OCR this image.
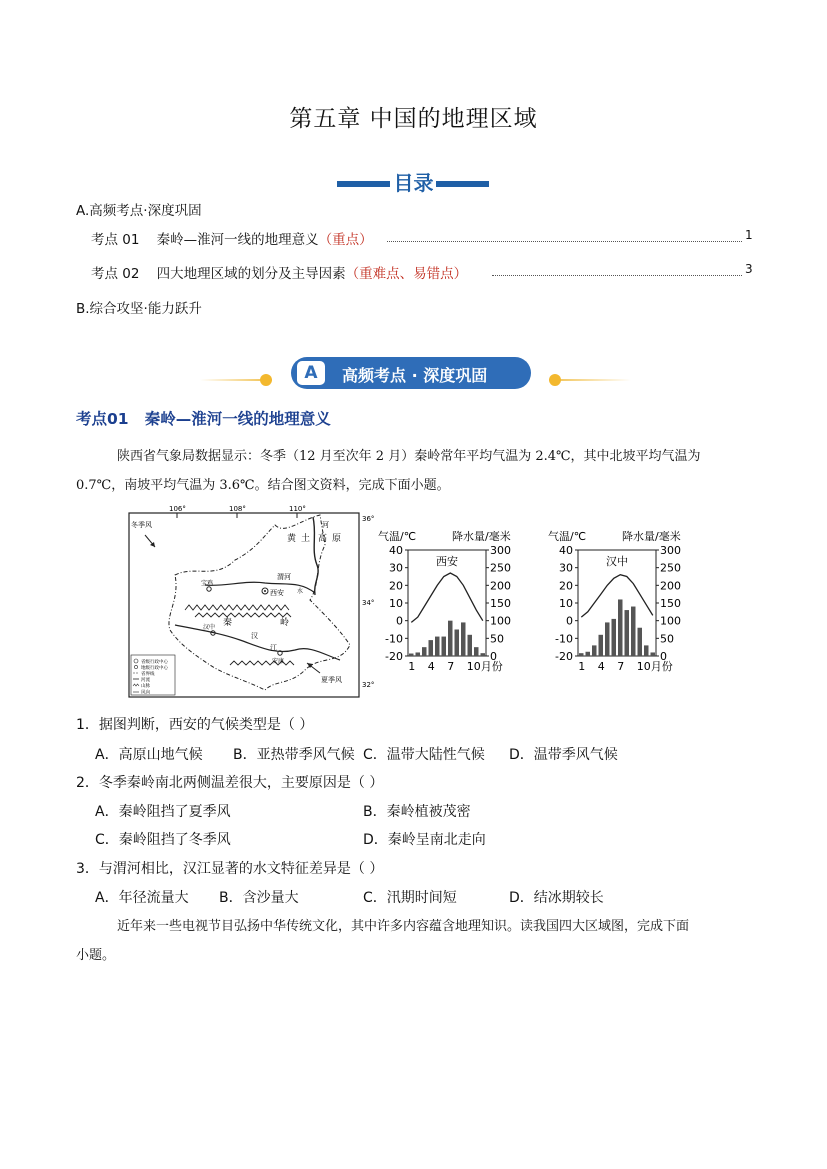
第五章 中国的地理区域
目录
A.高频考点·深度巩固
考点 01 秦岭—淮河一线的地理意义（重点）	1
考点 02 四大地理区域的划分及主导因素（重难点、易错点）	3
B.综合攻坚·能力跃升
A	高频考点 · 深度巩固
考点01 秦岭—淮河一线的地理意义
陕西省气象局数据显示：冬季（12 月至次年 2 月）秦岭常年平均气温为 2.4℃，其中北坡平均气温为
0.7℃，南坡平均气温为 3.6℃。结合图文资料，完成下面小题。
106°	108°	110°
36°
34°
32°
冬季风
黄 土 高 原
河
渭河
西安
宝鸡
秦	岭
汉
江
汉中
安康
水
夏季风
省级行政中心
地级行政中心
省界线
河流
山脉
风向
气温/℃	降水量/毫米
40
30
20
10
0
-10
-20
300
250
200
150
100
50
0
西安
1 4 7 10月份
气温/℃	降水量/毫米
40
30
20
10
0
-10
-20
300
250
200
150
100
50
0
汉中
1 4 7 10月份
1．据图判断，西安的气候类型是（ ）
A．高原山地气候 B．亚热带季风气候 C．温带大陆性气候 D．温带季风气候
2．冬季秦岭南北两侧温差很大，主要原因是（ ）
A．秦岭阻挡了夏季风	B．秦岭植被茂密
C．秦岭阻挡了冬季风	D．秦岭呈南北走向
3．与渭河相比，汉江显著的水文特征差异是（ ）
A．年径流量大 B．含沙量大	C．汛期时间短	D．结冰期较长
近年来一些电视节目弘扬中华传统文化，其中许多内容蕴含地理知识。读我国四大区域图，完成下面
小题。
